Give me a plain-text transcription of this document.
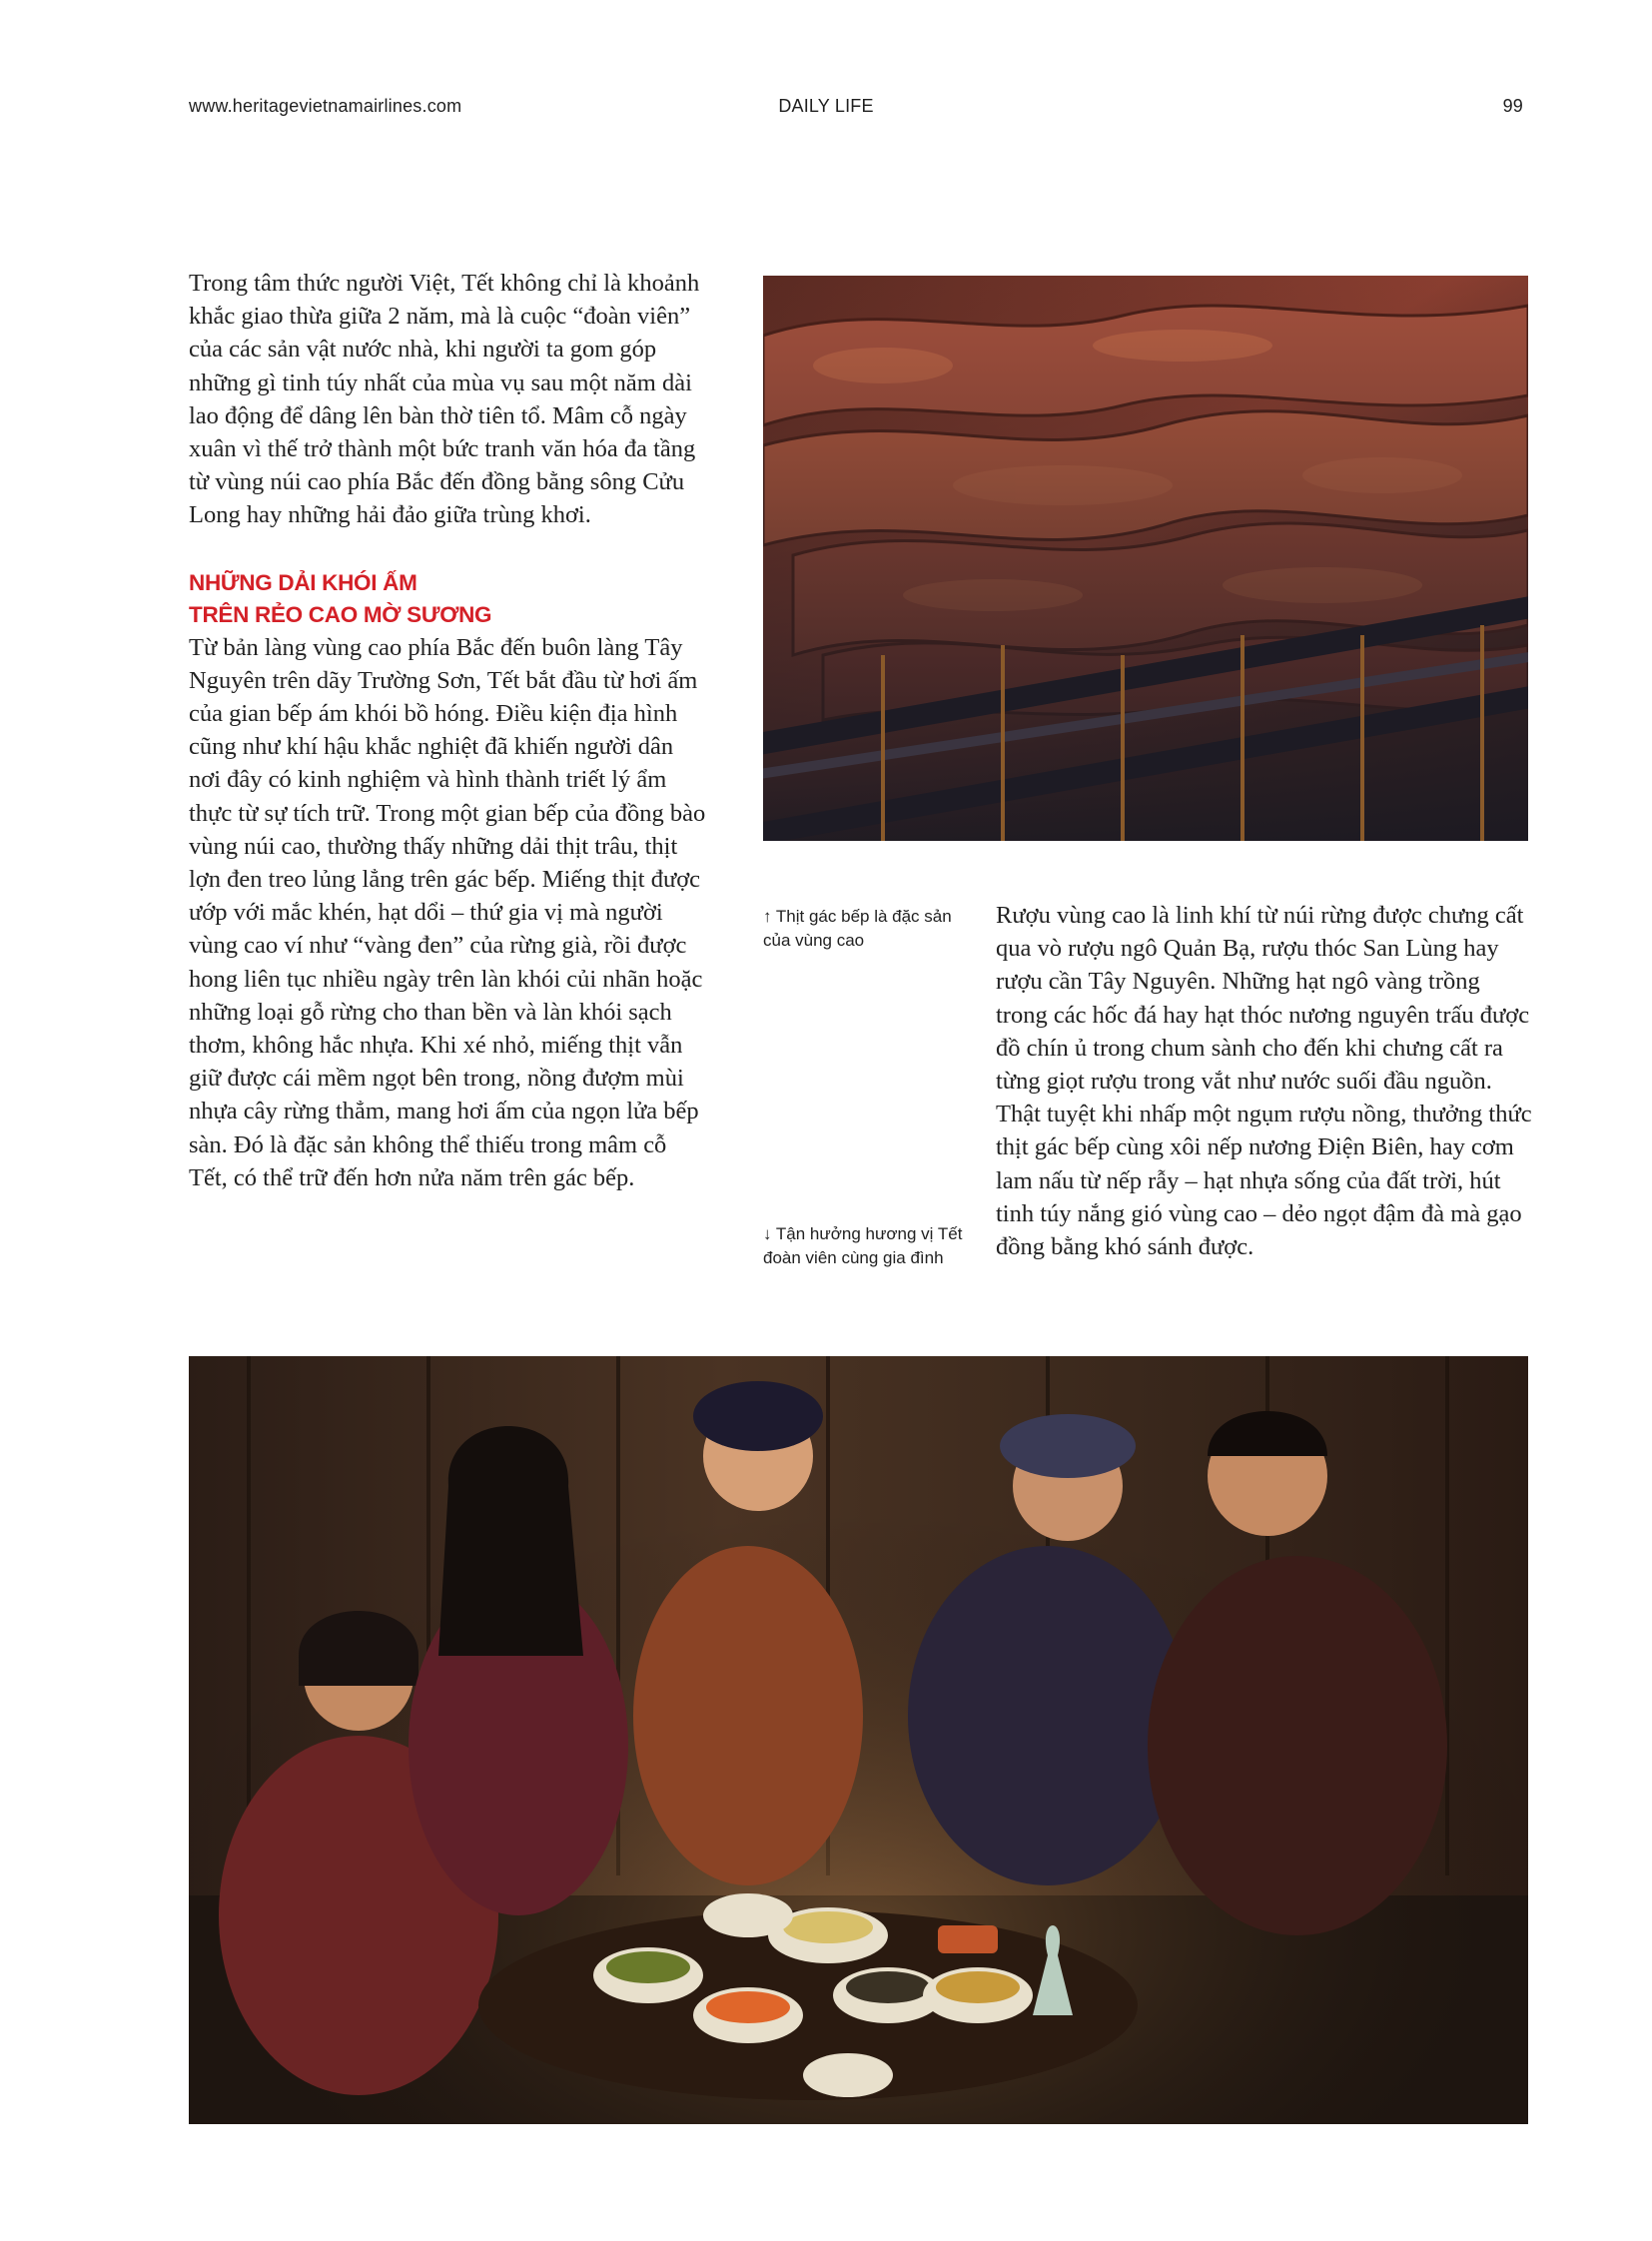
www.heritagevietnamairlines.com	DAILY LIFE	99

Trong tâm thức người Việt, Tết không chỉ là khoảnh khắc giao thừa giữa 2 năm, mà là cuộc “đoàn viên” của các sản vật nước nhà, khi người ta gom góp những gì tinh túy nhất của mùa vụ sau một năm dài lao động để dâng lên bàn thờ tiên tổ. Mâm cỗ ngày xuân vì thế trở thành một bức tranh văn hóa đa tầng từ vùng núi cao phía Bắc đến đồng bằng sông Cửu Long hay những hải đảo giữa trùng khơi.

NHỮNG DẢI KHÓI ẤM

TRÊN RẺO CAO MỜ SƯƠNG

Từ bản làng vùng cao phía Bắc đến buôn làng Tây Nguyên trên dãy Trường Sơn, Tết bắt đầu từ hơi ấm của gian bếp ám khói bồ hóng. Điều kiện địa hình cũng như khí hậu khắc nghiệt đã khiến người dân nơi đây có kinh nghiệm và hình thành triết lý ẩm thực từ sự tích trữ. Trong một gian bếp của đồng bào vùng núi cao, thường thấy những dải thịt trâu, thịt lợn đen treo lủng lẳng trên gác bếp. Miếng thịt được ướp với mắc khén, hạt dổi – thứ gia vị mà người vùng cao ví như “vàng đen” của rừng già, rồi được hong liên tục nhiều ngày trên làn khói củi nhãn hoặc những loại gỗ rừng cho than bền và làn khói sạch thơm, không hắc nhựa. Khi xé nhỏ, miếng thịt vẫn giữ được cái mềm ngọt bên trong, nồng đượm mùi nhựa cây rừng thẳm, mang hơi ấm của ngọn lửa bếp sàn. Đó là đặc sản không thể thiếu trong mâm cỗ Tết, có thể trữ đến hơn nửa năm trên gác bếp.

↑ Thịt gác bếp là đặc sản của vùng cao
↓ Tận hưởng hương vị Tết đoàn viên cùng gia đình

Rượu vùng cao là linh khí từ núi rừng được chưng cất qua vò rượu ngô Quản Bạ, rượu thóc San Lùng hay rượu cần Tây Nguyên. Những hạt ngô vàng trồng trong các hốc đá hay hạt thóc nương nguyên trấu được đồ chín ủ trong chum sành cho đến khi chưng cất ra từng giọt rượu trong vắt như nước suối đầu nguồn. Thật tuyệt khi nhấp một ngụm rượu nồng, thưởng thức thịt gác bếp cùng xôi nếp nương Điện Biên, hay cơm lam nấu từ nếp rẫy – hạt nhựa sống của đất trời, hút tinh túy nắng gió vùng cao – dẻo ngọt đậm đà mà gạo đồng bằng khó sánh được.
